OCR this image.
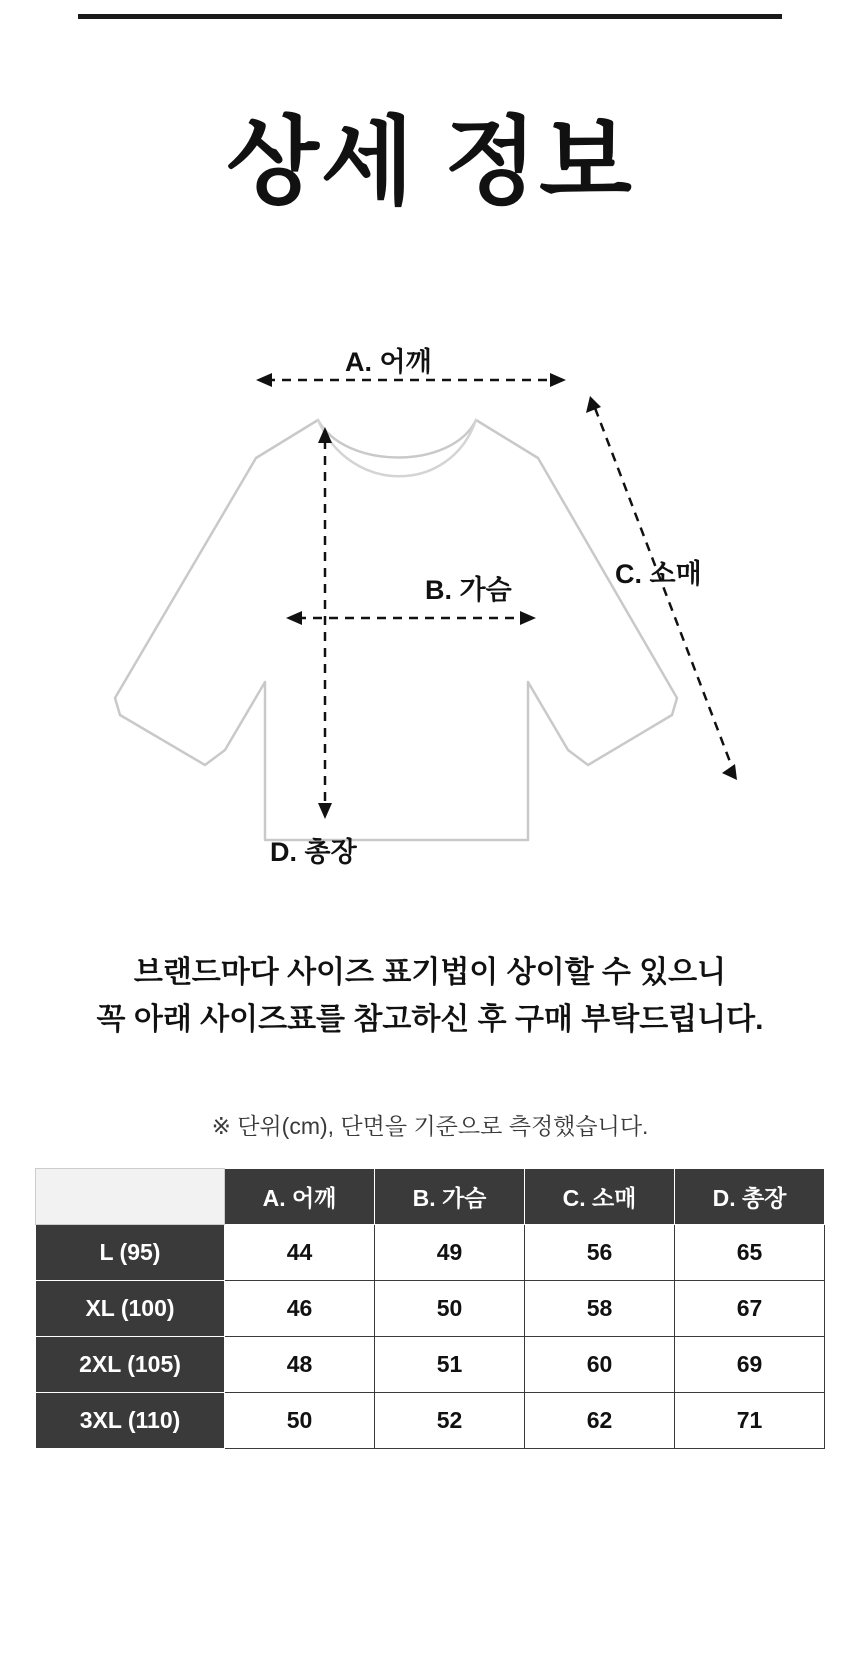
상세 정보
A. 어깨
B. 가슴
C. 소매
D. 총장
브랜드마다 사이즈 표기법이 상이할 수 있으니
꼭 아래 사이즈표를 참고하신 후 구매 부탁드립니다.
※ 단위(cm), 단면을 기준으로 측정했습니다.
	A. 어깨	B. 가슴	C. 소매	D. 총장
L (95)	44	49	56	65
XL (100)	46	50	58	67
2XL (105)	48	51	60	69
3XL (110)	50	52	62	71
